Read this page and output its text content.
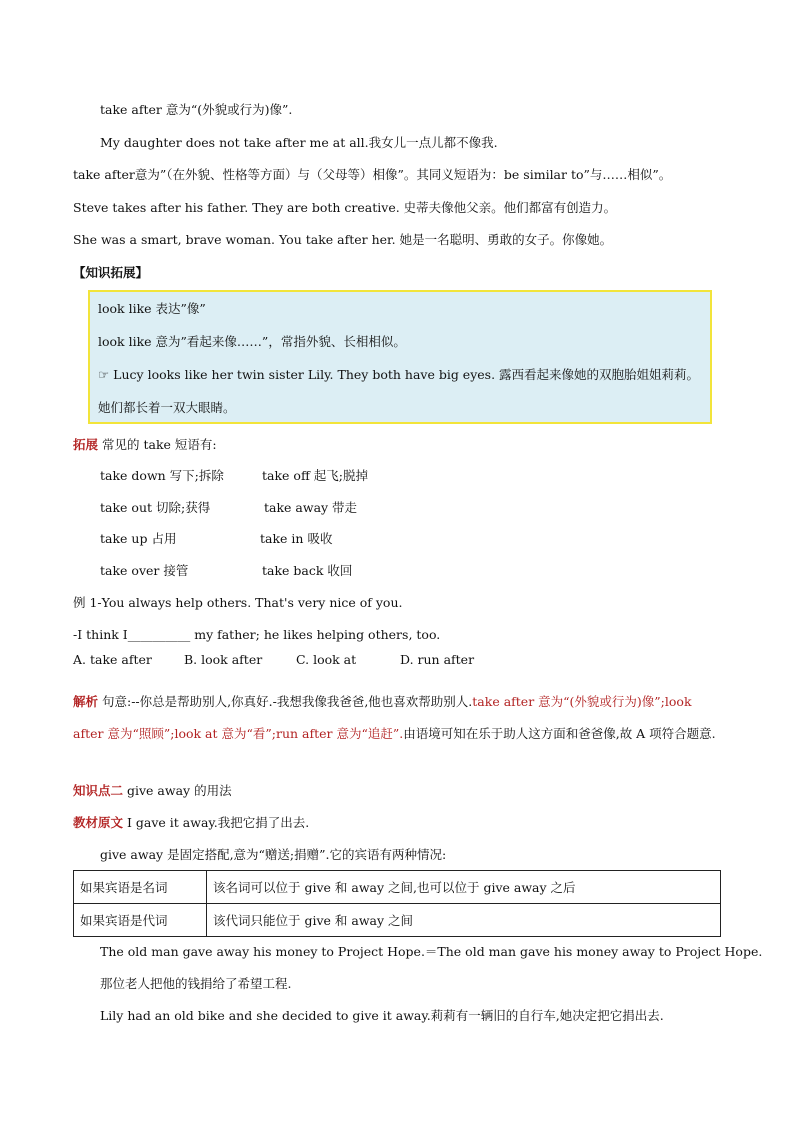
take after 意为“(外貌或行为)像”.
My daughter does not take after me at all.我女儿一点儿都不像我.
take after意为”（在外貌、性格等方面）与（父母等）相像”。其同义短语为：be similar to”与……相似”。
Steve takes after his father. They are both creative. 史蒂夫像他父亲。他们都富有创造力。
She was a smart, brave woman. You take after her. 她是一名聪明、勇敢的女子。你像她。
【知识拓展】
look like 表达”像”
look like 意为”看起来像……”，常指外貌、长相相似。
☞ Lucy looks like her twin sister Lily. They both have big eyes. 露西看起来像她的双胞胎姐姐莉莉。她们都长着一双大眼睛。
拓展 常见的 take 短语有:
take down 写下;拆除	take off 起飞;脱掉
take out 切除;获得	take away 带走
take up 占用	take in 吸收
take over 接管	take back 收回
例 1-You always help others. That's very nice of you.
-I think I__________ my father; he likes helping others, too.
A. take after	B. look after	C. look at	D. run after
解析 句意:--你总是帮助别人,你真好.-我想我像我爸爸,他也喜欢帮助别人.take after 意为“(外貌或行为)像”;look after 意为“照顾”;look at 意为“看”;run after 意为“追赶”.由语境可知在乐于助人这方面和爸爸像,故 A 项符合题意.
知识点二 give away 的用法
教材原文 I gave it away.我把它捐了出去.
give away 是固定搭配,意为“赠送;捐赠”.它的宾语有两种情况:
如果宾语是名词	该名词可以位于 give 和 away 之间,也可以位于 give away 之后
如果宾语是代词	该代词只能位于 give 和 away 之间
The old man gave away his money to Project Hope.＝The old man gave his money away to Project Hope.
那位老人把他的钱捐给了希望工程.
Lily had an old bike and she decided to give it away.莉莉有一辆旧的自行车,她决定把它捐出去.
